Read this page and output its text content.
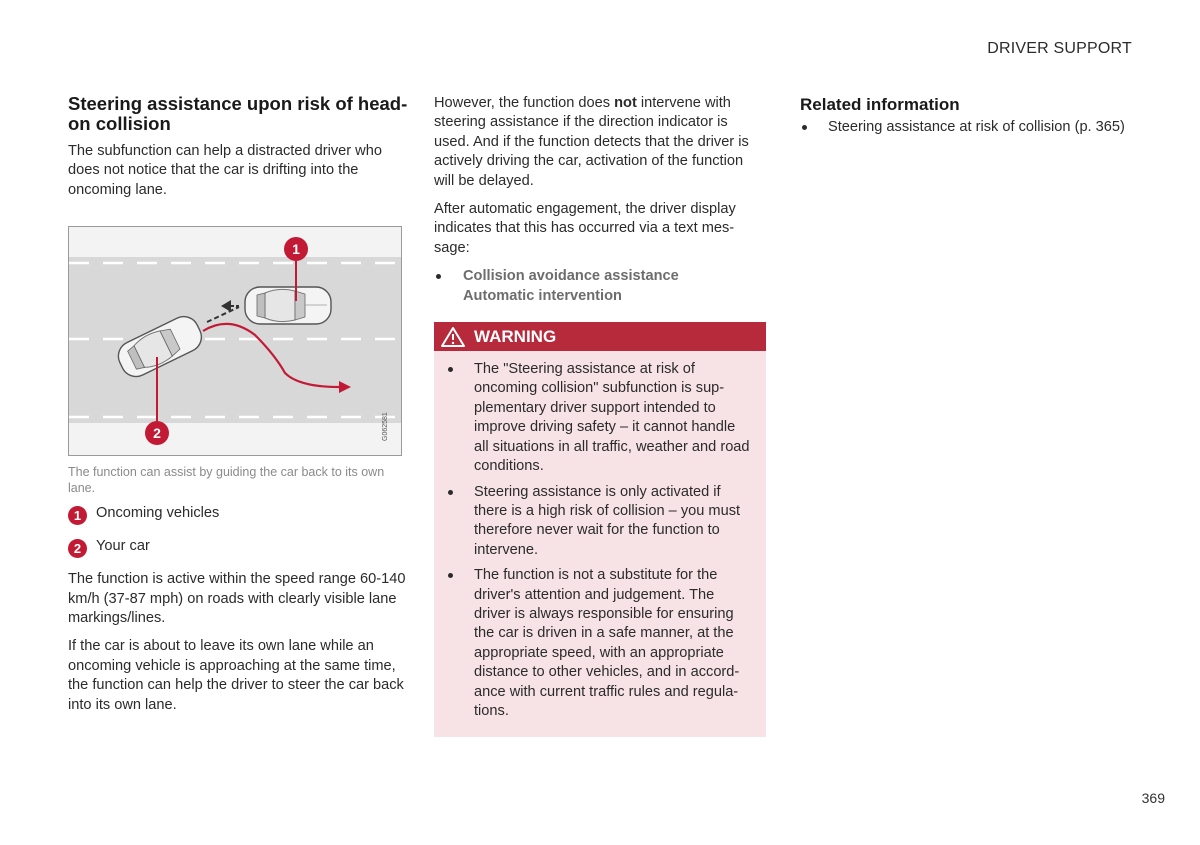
DRIVER SUPPORT
Steering assistance upon risk of head-on collision

The subfunction can help a distracted driver who does not notice that the car is drifting into the oncoming lane.

1
2	G062581
The function can assist by guiding the car back to its own lane.
1	Oncoming vehicles
2	Your car

The function is active within the speed range 60-140 km/h (37-87 mph) on roads with clearly visible lane markings/lines.

If the car is about to leave its own lane while an oncoming vehicle is approaching at the same time, the function can help the driver to steer the car back into its own lane.

However, the function does not intervene with steering assistance if the direction indicator is used. And if the function detects that the driver is actively driving the car, activation of the function will be delayed.

After automatic engagement, the driver display indicates that this has occurred via a text mes-sage:

Collision avoidance assistance
Automatic intervention
WARNING
The "Steering assistance at risk of oncoming collision" subfunction is sup-plementary driver support intended to improve driving safety – it cannot handle all situations in all traffic, weather and road conditions.
Steering assistance is only activated if there is a high risk of collision – you must therefore never wait for the function to intervene.
The function is not a substitute for the driver's attention and judgement. The driver is always responsible for ensuring the car is driven in a safe manner, at the appropriate speed, with an appropriate distance to other vehicles, and in accord-ance with current traffic rules and regula-tions.
Related information
Steering assistance at risk of collision (p. 365)
369
